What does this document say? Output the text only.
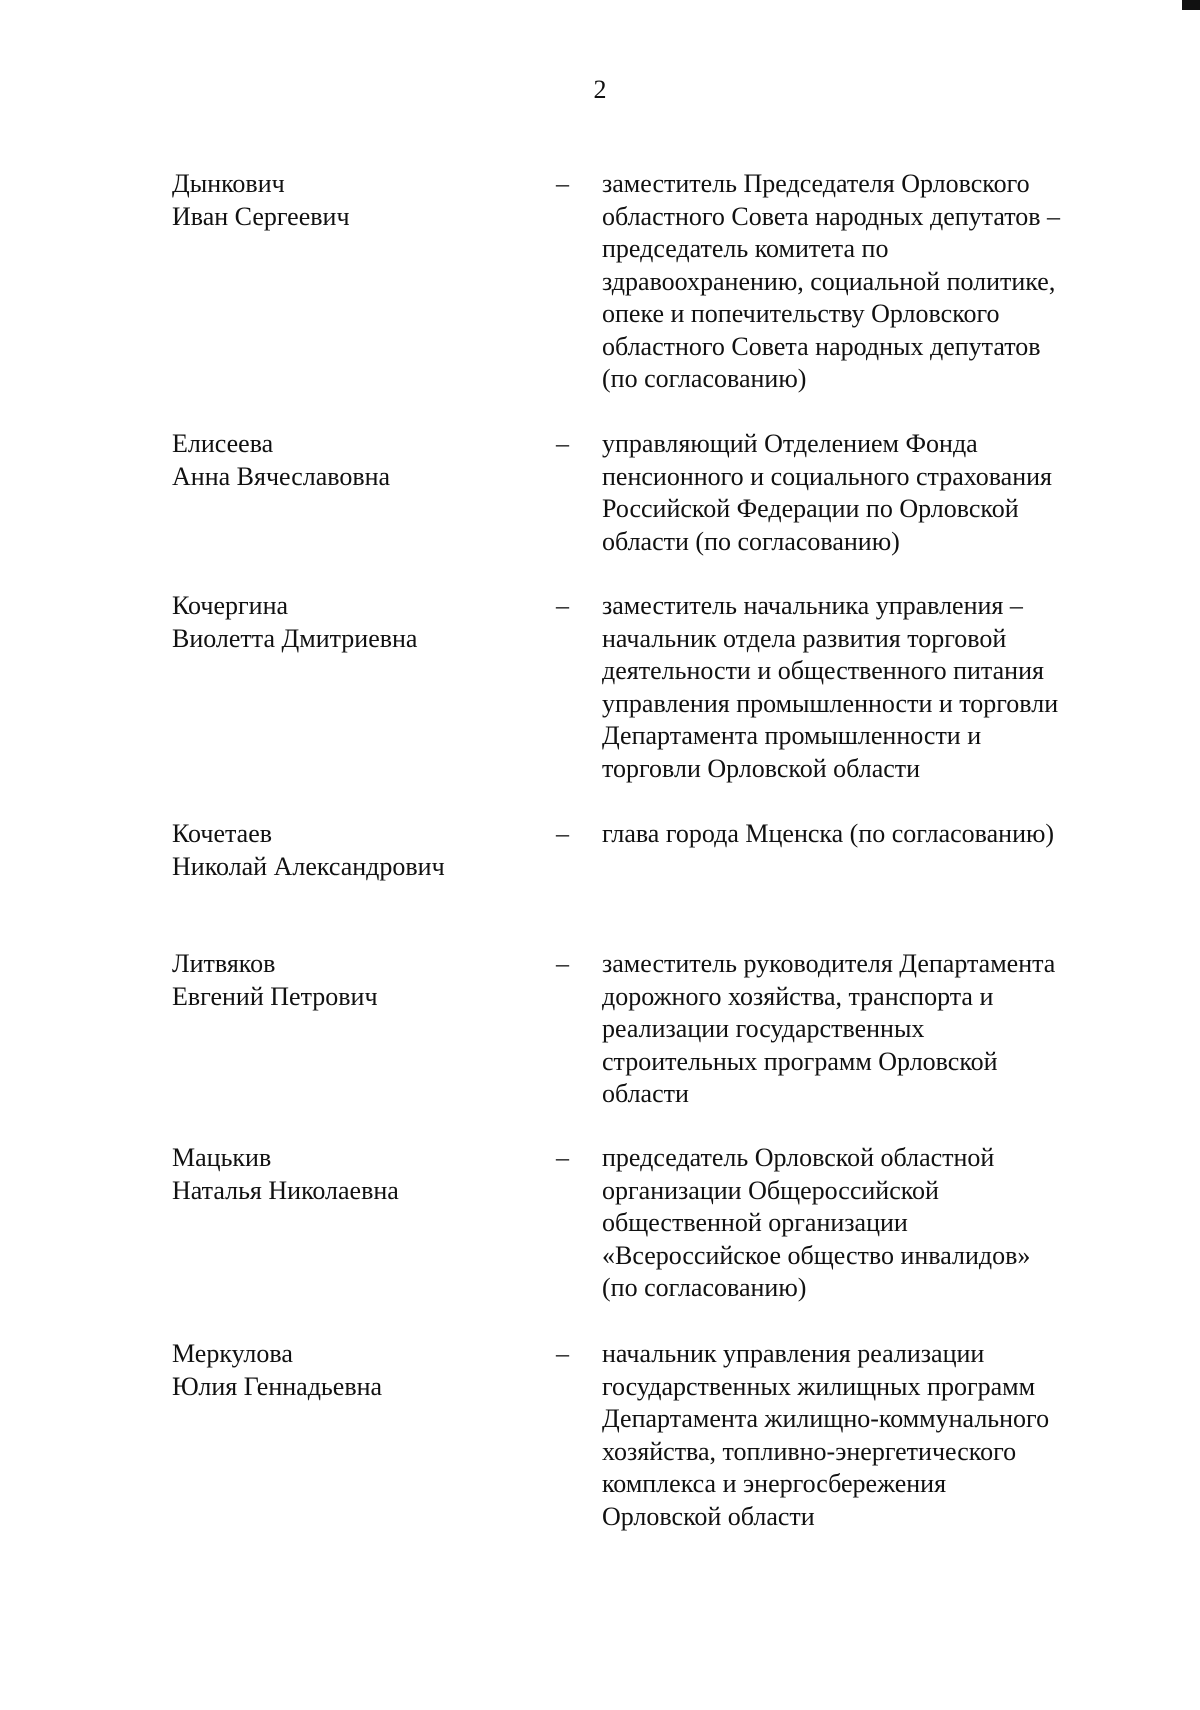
2
Дынкович
Иван Сергеевич
– заместитель Председателя Орловского
областного Совета народных депутатов –
председатель комитета по
здравоохранению, социальной политике,
опеке и попечительству Орловского
областного Совета народных депутатов
(по согласованию)
Елисеева
Анна Вячеславовна
– управляющий Отделением Фонда
пенсионного и социального страхования
Российской Федерации по Орловской
области (по согласованию)
Кочергина
Виолетта Дмитриевна
– заместитель начальника управления –
начальник отдела развития торговой
деятельности и общественного питания
управления промышленности и торговли
Департамента промышленности и
торговли Орловской области
Кочетаев
Николай Александрович
– глава города Мценска (по согласованию)
Литвяков
Евгений Петрович
– заместитель руководителя Департамента
дорожного хозяйства, транспорта и
реализации государственных
строительных программ Орловской
области
Мацькив
Наталья Николаевна
– председатель Орловской областной
организации Общероссийской
общественной организации
«Всероссийское общество инвалидов»
(по согласованию)
Меркулова
Юлия Геннадьевна
– начальник управления реализации
государственных жилищных программ
Департамента жилищно-коммунального
хозяйства, топливно-энергетического
комплекса и энергосбережения
Орловской области
